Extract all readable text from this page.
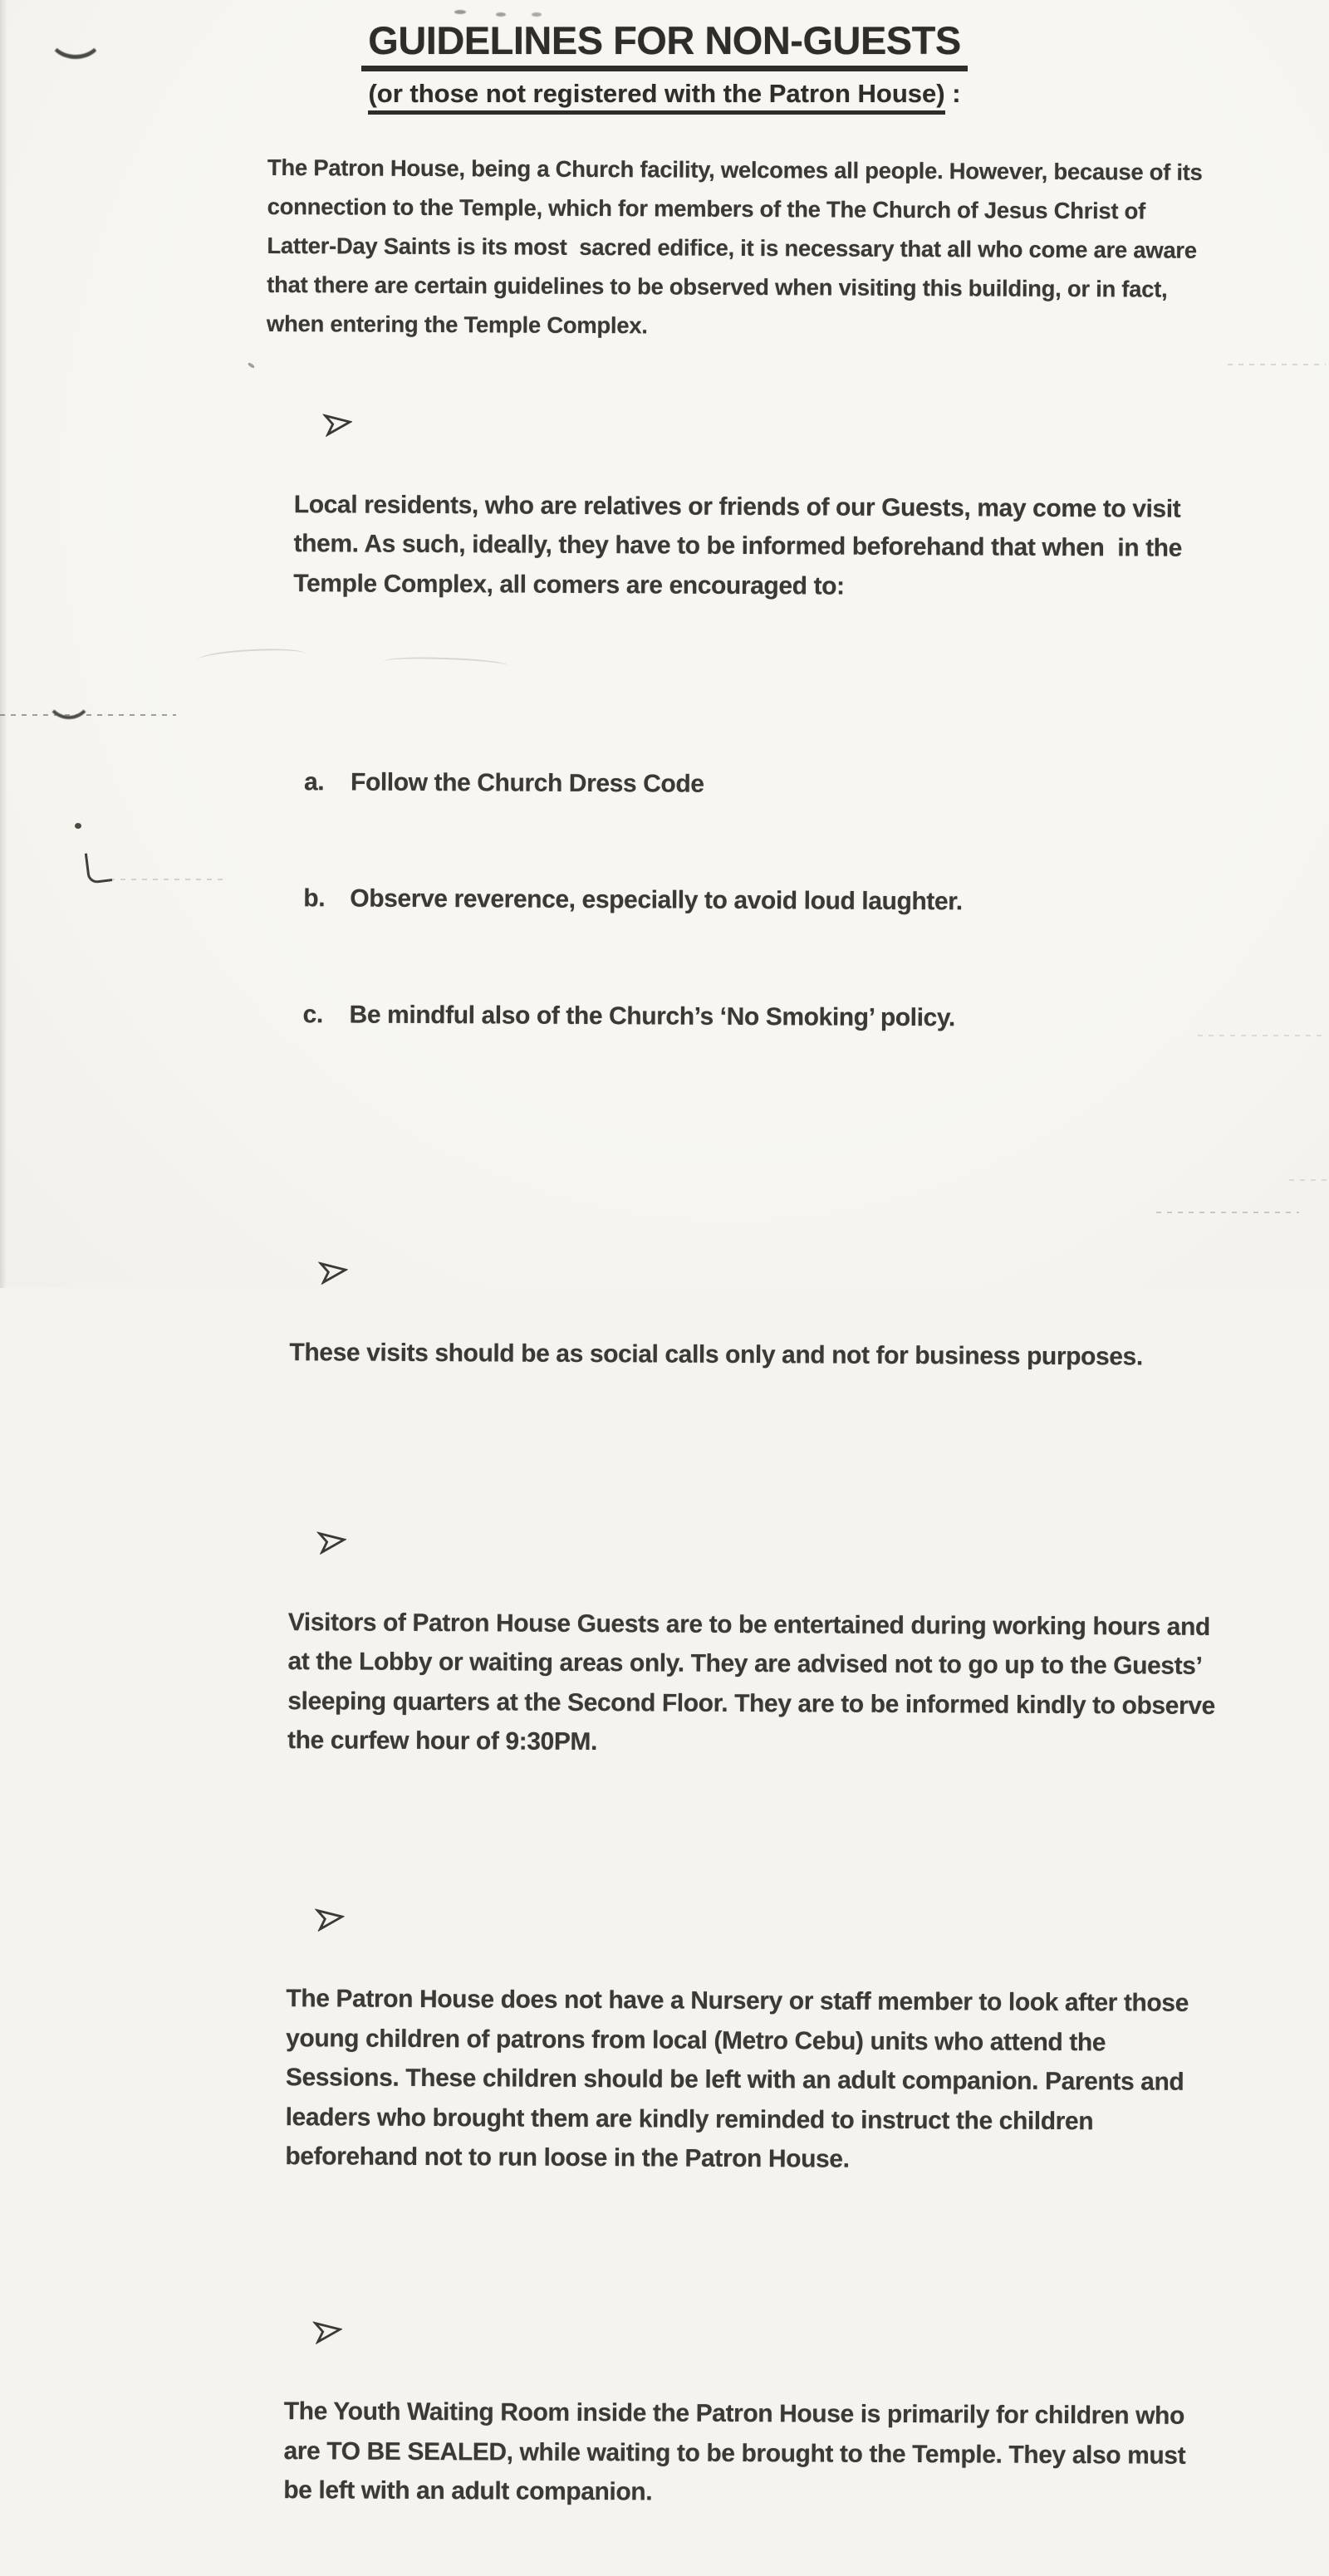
GUIDELINES FOR NON-GUESTS
(or those not registered with the Patron House) :

The Patron House, being a Church facility, welcomes all people. However, because of its connection to the Temple, which for members of the The Church of Jesus Christ of Latter-Day Saints is its most  sacred edifice, it is necessary that all who come are aware that there are certain guidelines to be observed when visiting this building, or in fact, when entering the Temple Complex.

Local residents, who are relatives or friends of our Guests, may come to visit them. As such, ideally, they have to be informed beforehand that when  in the Temple Complex, all comers are encouraged to:

a.	Follow the Church Dress Code

b. Observe reverence, especially to avoid loud laughter.

c.	Be mindful also of the Church’s ‘No Smoking’ policy.

These visits should be as social calls only and not for business purposes.

Visitors of Patron House Guests are to be entertained during working hours and at the Lobby or waiting areas only. They are advised not to go up to the Guests’ sleeping quarters at the Second Floor. They are to be informed kindly to observe the curfew hour of 9:30PM.

The Patron House does not have a Nursery or staff member to look after those young children of patrons from local (Metro Cebu) units who attend the Sessions. These children should be left with an adult companion. Parents and leaders who brought them are kindly reminded to instruct the children beforehand not to run loose in the Patron House.

The Youth Waiting Room inside the Patron House is primarily for children who are TO BE SEALED, while waiting to be brought to the Temple. They also must be left with an adult companion.
